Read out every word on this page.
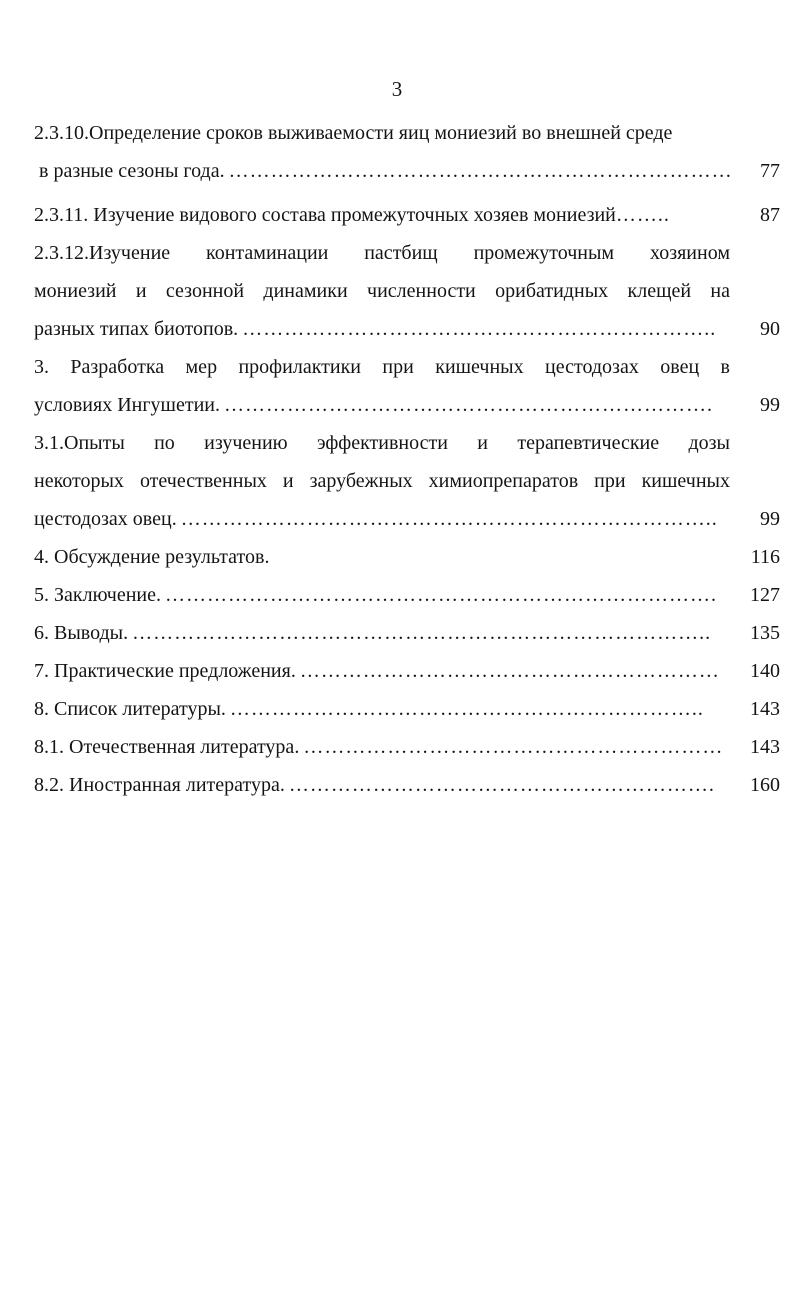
3
2.3.10.Определение сроков выживаемости яиц мониезий во внешней среде
в разные сезоны года. ………………………………………………………………	77
2.3.11. Изучение видового состава промежуточных хозяев мониезий ……..	87
2.3.12.Изучение контаминации пастбищ промежуточным хозяином
мониезий и сезонной динамики численности орибатидных клещей на
разных типах биотопов. …………………………………………………………..	90
3. Разработка мер профилактики при кишечных цестодозах овец в
условиях Ингушетии. …………………………………………………………….	99
3.1.Опыты по изучению эффективности и терапевтические дозы
некоторых отечественных и зарубежных химиопрепаратов при кишечных
цестодозах овец. …………………………………………………………………..	99
4. Обсуждение результатов.	116
5. Заключение. …………………………………………………………………….	127
6. Выводы. ………………………………………………………………………..	135
7. Практические предложения. ……………………………………………………	140
8. Список литературы. …………………………………………………………..	143
8.1. Отечественная литература. ……………………………………………………	143
8.2. Иностранная литература. …………………………………………………….	160
